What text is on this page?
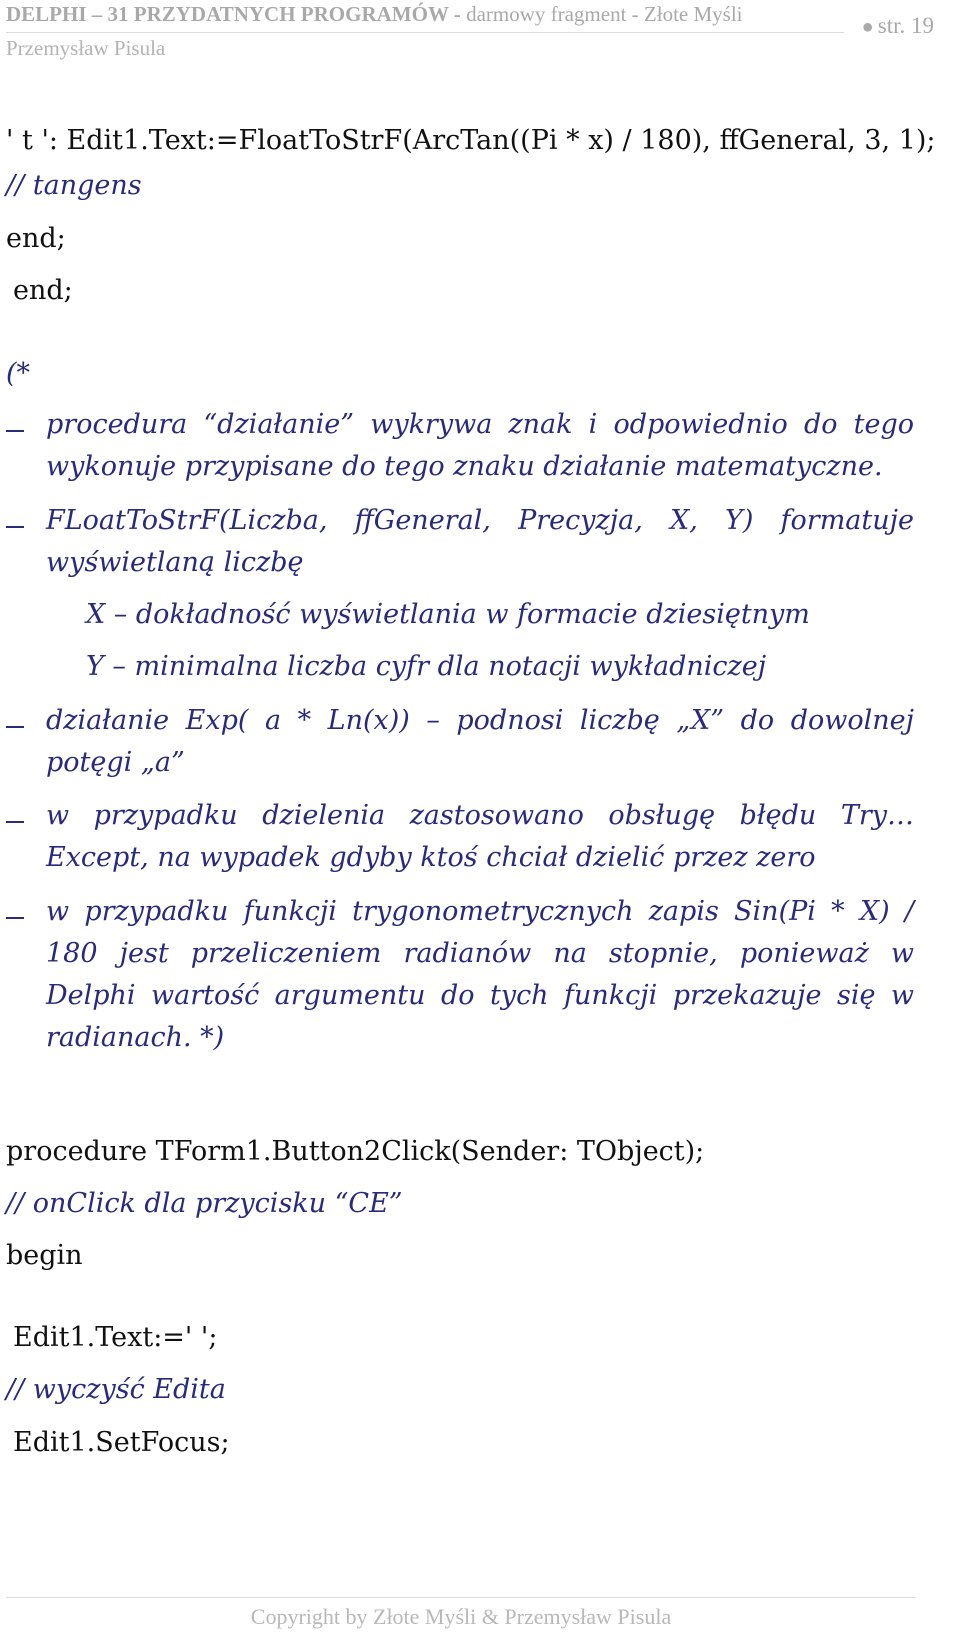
DELPHI – 31 PRZYDATNYCH PROGRAMÓW - darmowy fragment - Złote Myśli
Przemysław Pisula
● str. 19
' t ': Edit1.Text:=FloatToStrF(ArcTan((Pi * x) / 180), ffGeneral, 3, 1);
// tangens
end;
end;
(*
procedura “działanie” wykrywa znak i odpowiednio do tego wykonuje przypisane do tego znaku działanie matematyczne.
FLoatToStrF(Liczba, ffGeneral, Precyzja, X, Y) formatuje wyświetlaną liczbę
X – dokładność wyświetlania w formacie dziesiętnym
Y – minimalna liczba cyfr dla notacji wykładniczej
działanie Exp( a * Ln(x)) – podnosi liczbę „X” do dowolnej potęgi „a”
w przypadku dzielenia zastosowano obsługę błędu Try…Except, na wypadek gdyby ktoś chciał dzielić przez zero
w przypadku funkcji trygonometrycznych zapis Sin(Pi * X) / 180 jest przeliczeniem radianów na stopnie, ponieważ w Delphi wartość argumentu do tych funkcji przekazuje się w radianach. *)
procedure TForm1.Button2Click(Sender: TObject);
// onClick dla przycisku “CE”
begin
Edit1.Text:=' ';
// wyczyść Edita
Edit1.SetFocus;
Copyright by Złote Myśli & Przemysław Pisula
